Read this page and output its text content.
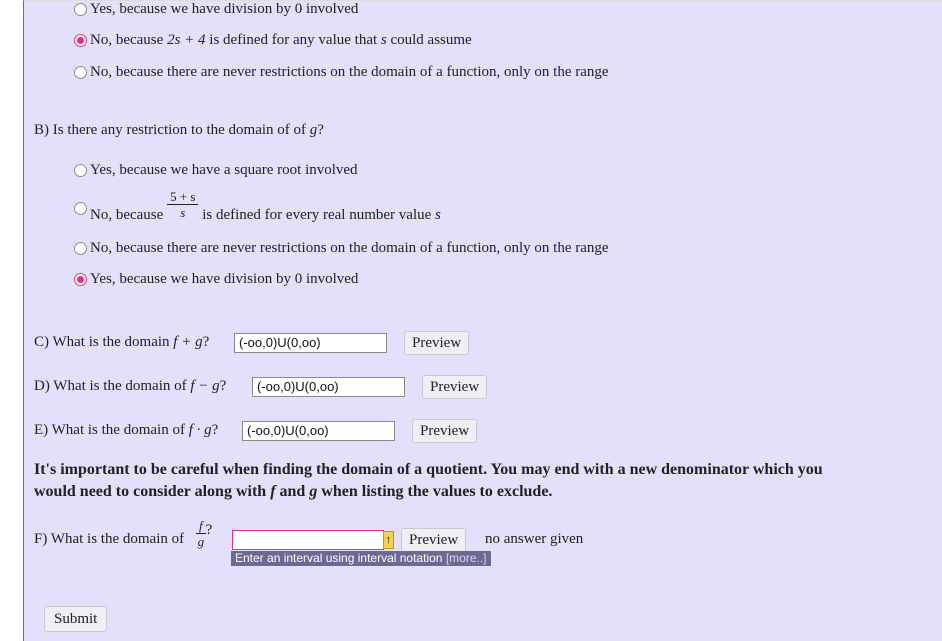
Yes, because we have division by 0 involved
No, because 2s + 4 is defined for any value that s could assume
No, because there are never restrictions on the domain of a function, only on the range
B) Is there any restriction to the domain of of g?
Yes, because we have a square root involved
No, because $\frac{5 + s}{s}$ is defined for every real number value s
No, because there are never restrictions on the domain of a function, only on the range
Yes, because we have division by 0 involved
C) What is the domain f + g?	(-oo,0)U(0,oo)	Preview
D) What is the domain of f − g?	(-oo,0)U(0,oo)	Preview
E) What is the domain of f · g?	(-oo,0)U(0,oo)	Preview
It's important to be careful when finding the domain of a quotient. You may end with a new denominator which you
would need to consider along with f and g when listing the values to exclude.
F) What is the domain of $\frac{f}{g}$ ?
↑	Preview	no answer given
Enter an interval using interval notation [more..]
Submit
